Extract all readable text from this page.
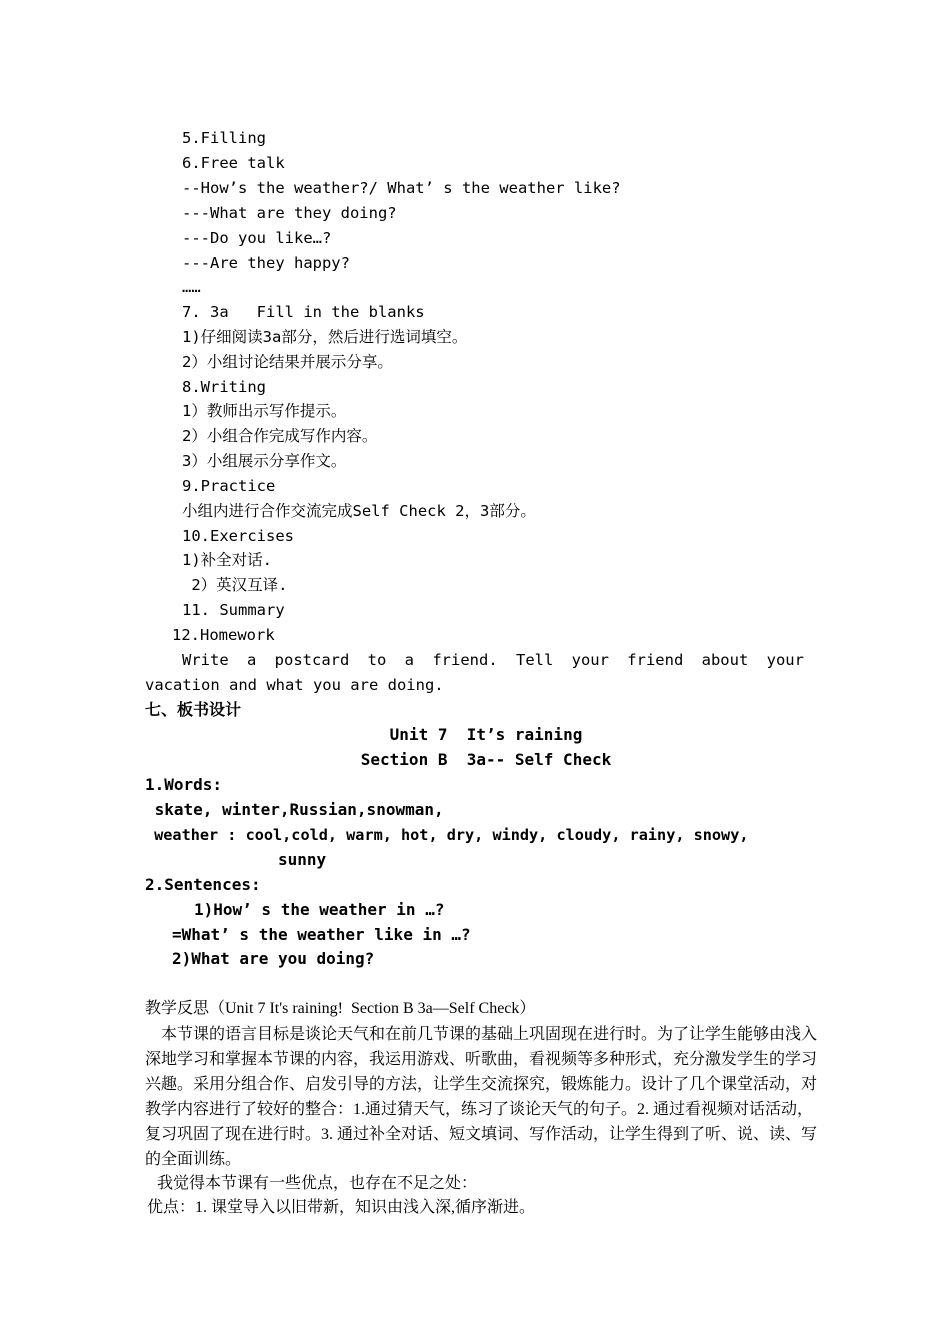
5.Filling
6.Free talk
--How’s the weather?/ What’ s the weather like?
---What are they doing?
---Do you like…?
---Are they happy?
……
7. 3a   Fill in the blanks
1)仔细阅读3a部分，然后进行选词填空。
2）小组讨论结果并展示分享。
8.Writing
1）教师出示写作提示。
2）小组合作完成写作内容。
3）小组展示分享作文。
9.Practice
小组内进行合作交流完成Self Check 2，3部分。
10.Exercises
1)补全对话.
2）英汉互译.
11. Summary
12.Homework
Write a postcard to a friend. Tell your friend about your
vacation and what you are doing.
七、板书设计
Unit 7  It’s raining
Section B  3a-- Self Check
1.Words:
skate, winter,Russian,snowman,
weather : cool,cold, warm, hot, dry, windy, cloudy, rainy, snowy,
sunny
2.Sentences:
1)How’ s the weather in …?
=What’ s the weather like in …?
2)What are you doing?
教学反思（Unit 7 It's raining!  Section B 3a—Self Check）
本节课的语言目标是谈论天气和在前几节课的基础上巩固现在进行时。为了让学生能够由浅入深地学习和掌握本节课的内容，我运用游戏、听歌曲，看视频等多种形式，充分激发学生的学习兴趣。采用分组合作、启发引导的方法，让学生交流探究，锻炼能力。设计了几个课堂活动，对教学内容进行了较好的整合：1.通过猜天气，练习了谈论天气的句子。2. 通过看视频对话活动，复习巩固了现在进行时。3. 通过补全对话、短文填词、写作活动，让学生得到了听、说、读、写的全面训练。
我觉得本节课有一些优点，也存在不足之处：
优点：1. 课堂导入以旧带新，知识由浅入深,循序渐进。
